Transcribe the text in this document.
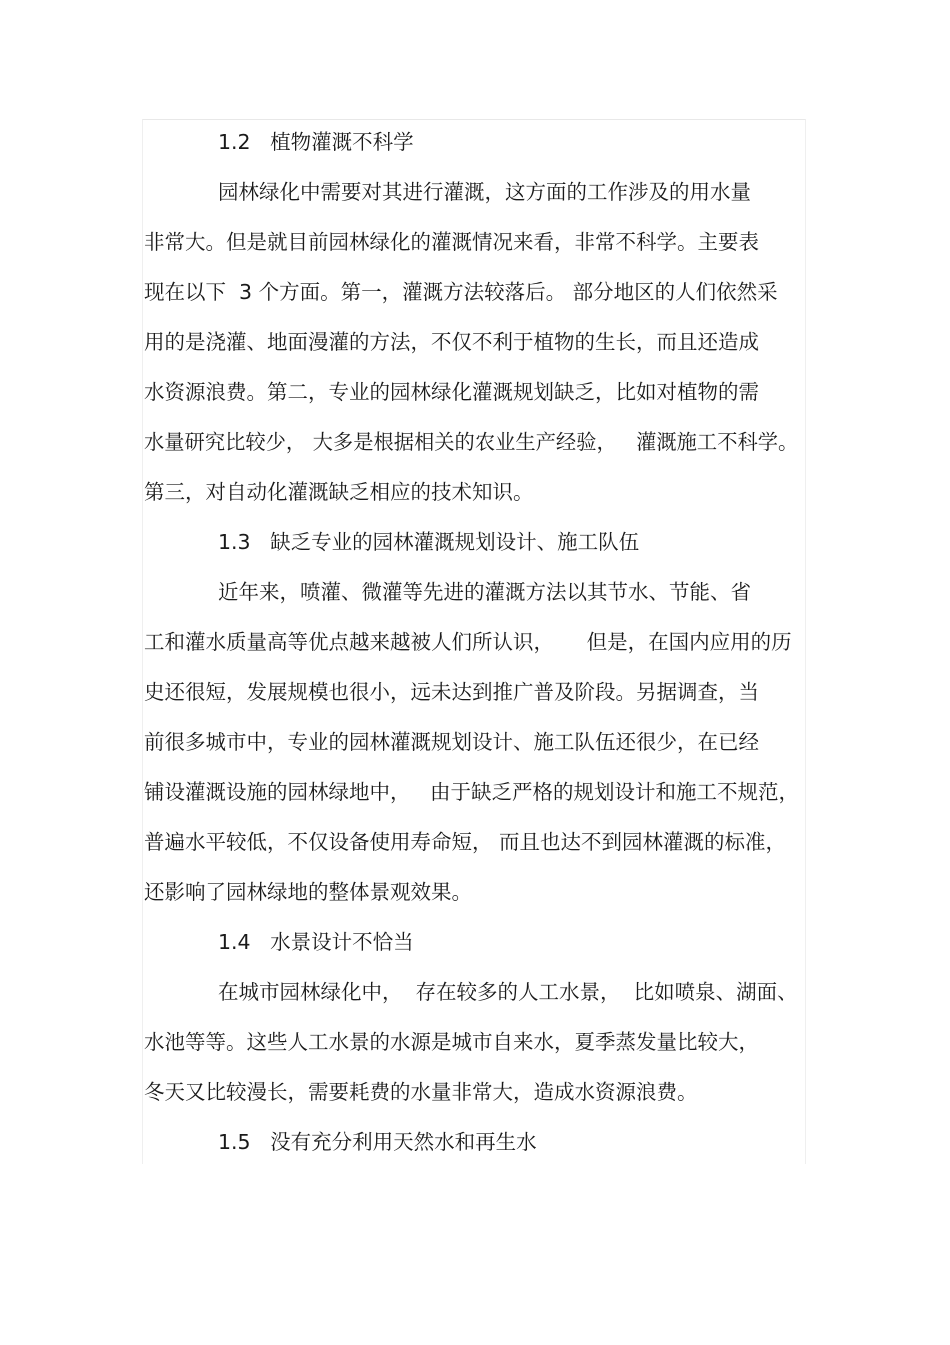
1.2   植物灌溉不科学
园林绿化中需要对其进行灌溉，这方面的工作涉及的用水量
非常大。但是就目前园林绿化的灌溉情况来看，非常不科学。主要表
现在以下  3 个方面。第一，灌溉方法较落后。 部分地区的人们依然采
用的是浇灌、地面漫灌的方法，不仅不利于植物的生长，而且还造成
水资源浪费。第二，专业的园林绿化灌溉规划缺乏，比如对植物的需
水量研究比较少， 大多是根据相关的农业生产经验，   灌溉施工不科学。
第三，对自动化灌溉缺乏相应的技术知识。
1.3   缺乏专业的园林灌溉规划设计、施工队伍
近年来，喷灌、微灌等先进的灌溉方法以其节水、节能、省
工和灌水质量高等优点越来越被人们所认识，     但是，在国内应用的历
史还很短，发展规模也很小，远未达到推广普及阶段。另据调查，当
前很多城市中，专业的园林灌溉规划设计、施工队伍还很少，在已经
铺设灌溉设施的园林绿地中，   由于缺乏严格的规划设计和施工不规范，
普遍水平较低，不仅设备使用寿命短， 而且也达不到园林灌溉的标准，
还影响了园林绿地的整体景观效果。
1.4   水景设计不恰当
在城市园林绿化中，  存在较多的人工水景，  比如喷泉、湖面、
水池等等。这些人工水景的水源是城市自来水，夏季蒸发量比较大，
冬天又比较漫长，需要耗费的水量非常大，造成水资源浪费。
1.5   没有充分利用天然水和再生水
